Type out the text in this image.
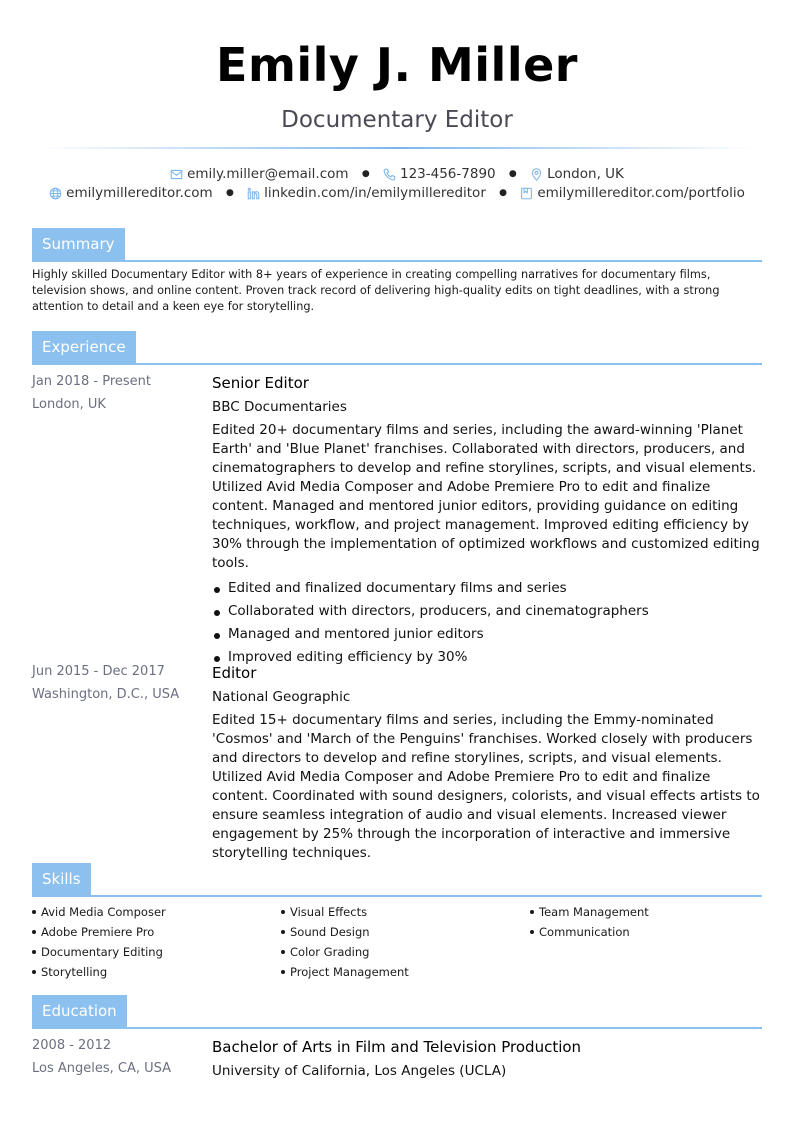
Emily J. Miller
Documentary Editor
emily.miller@email.com ● 123-456-7890 ● London, UK
emilymillereditor.com ● linkedin.com/in/emilymillereditor ● emilymillereditor.com/portfolio
Summary
Highly skilled Documentary Editor with 8+ years of experience in creating compelling narratives for documentary films, television shows, and online content. Proven track record of delivering high-quality edits on tight deadlines, with a strong attention to detail and a keen eye for storytelling.
Experience
Jan 2018 - Present
London, UK
Senior Editor
BBC Documentaries
Edited 20+ documentary films and series, including the award-winning 'Planet Earth' and 'Blue Planet' franchises. Collaborated with directors, producers, and cinematographers to develop and refine storylines, scripts, and visual elements. Utilized Avid Media Composer and Adobe Premiere Pro to edit and finalize content. Managed and mentored junior editors, providing guidance on editing techniques, workflow, and project management. Improved editing efficiency by 30% through the implementation of optimized workflows and customized editing tools.
Edited and finalized documentary films and series
Collaborated with directors, producers, and cinematographers
Managed and mentored junior editors
Improved editing efficiency by 30%
Jun 2015 - Dec 2017
Washington, D.C., USA
Editor
National Geographic
Edited 15+ documentary films and series, including the Emmy-nominated 'Cosmos' and 'March of the Penguins' franchises. Worked closely with producers and directors to develop and refine storylines, scripts, and visual elements. Utilized Avid Media Composer and Adobe Premiere Pro to edit and finalize content. Coordinated with sound designers, colorists, and visual effects artists to ensure seamless integration of audio and visual elements. Increased viewer engagement by 25% through the incorporation of interactive and immersive storytelling techniques.
Skills
Avid Media Composer
Adobe Premiere Pro
Documentary Editing
Storytelling
Visual Effects
Sound Design
Color Grading
Project Management
Team Management
Communication
Education
2008 - 2012
Los Angeles, CA, USA
Bachelor of Arts in Film and Television Production
University of California, Los Angeles (UCLA)
